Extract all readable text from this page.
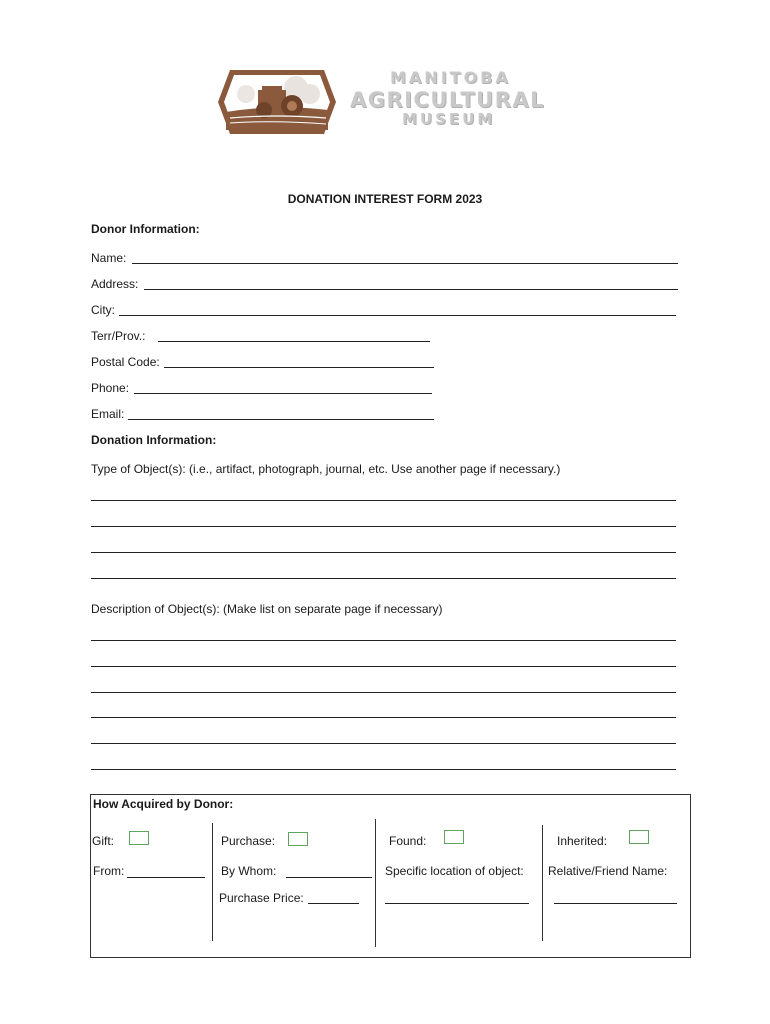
MANITOBA
AGRICULTURAL
MUSEUM
DONATION INTEREST FORM 2023
Donor Information:
Name:
Address:
City:
Terr/Prov.:
Postal Code:
Phone:
Email:
Donation Information:
Type of Object(s): (i.e., artifact, photograph, journal, etc. Use another page if necessary.)
Description of Object(s): (Make list on separate page if necessary)
How Acquired by Donor:
Gift:
From:
Purchase:
By Whom:
Purchase Price:
Found:
Specific location of object:
Inherited:
Relative/Friend Name:
